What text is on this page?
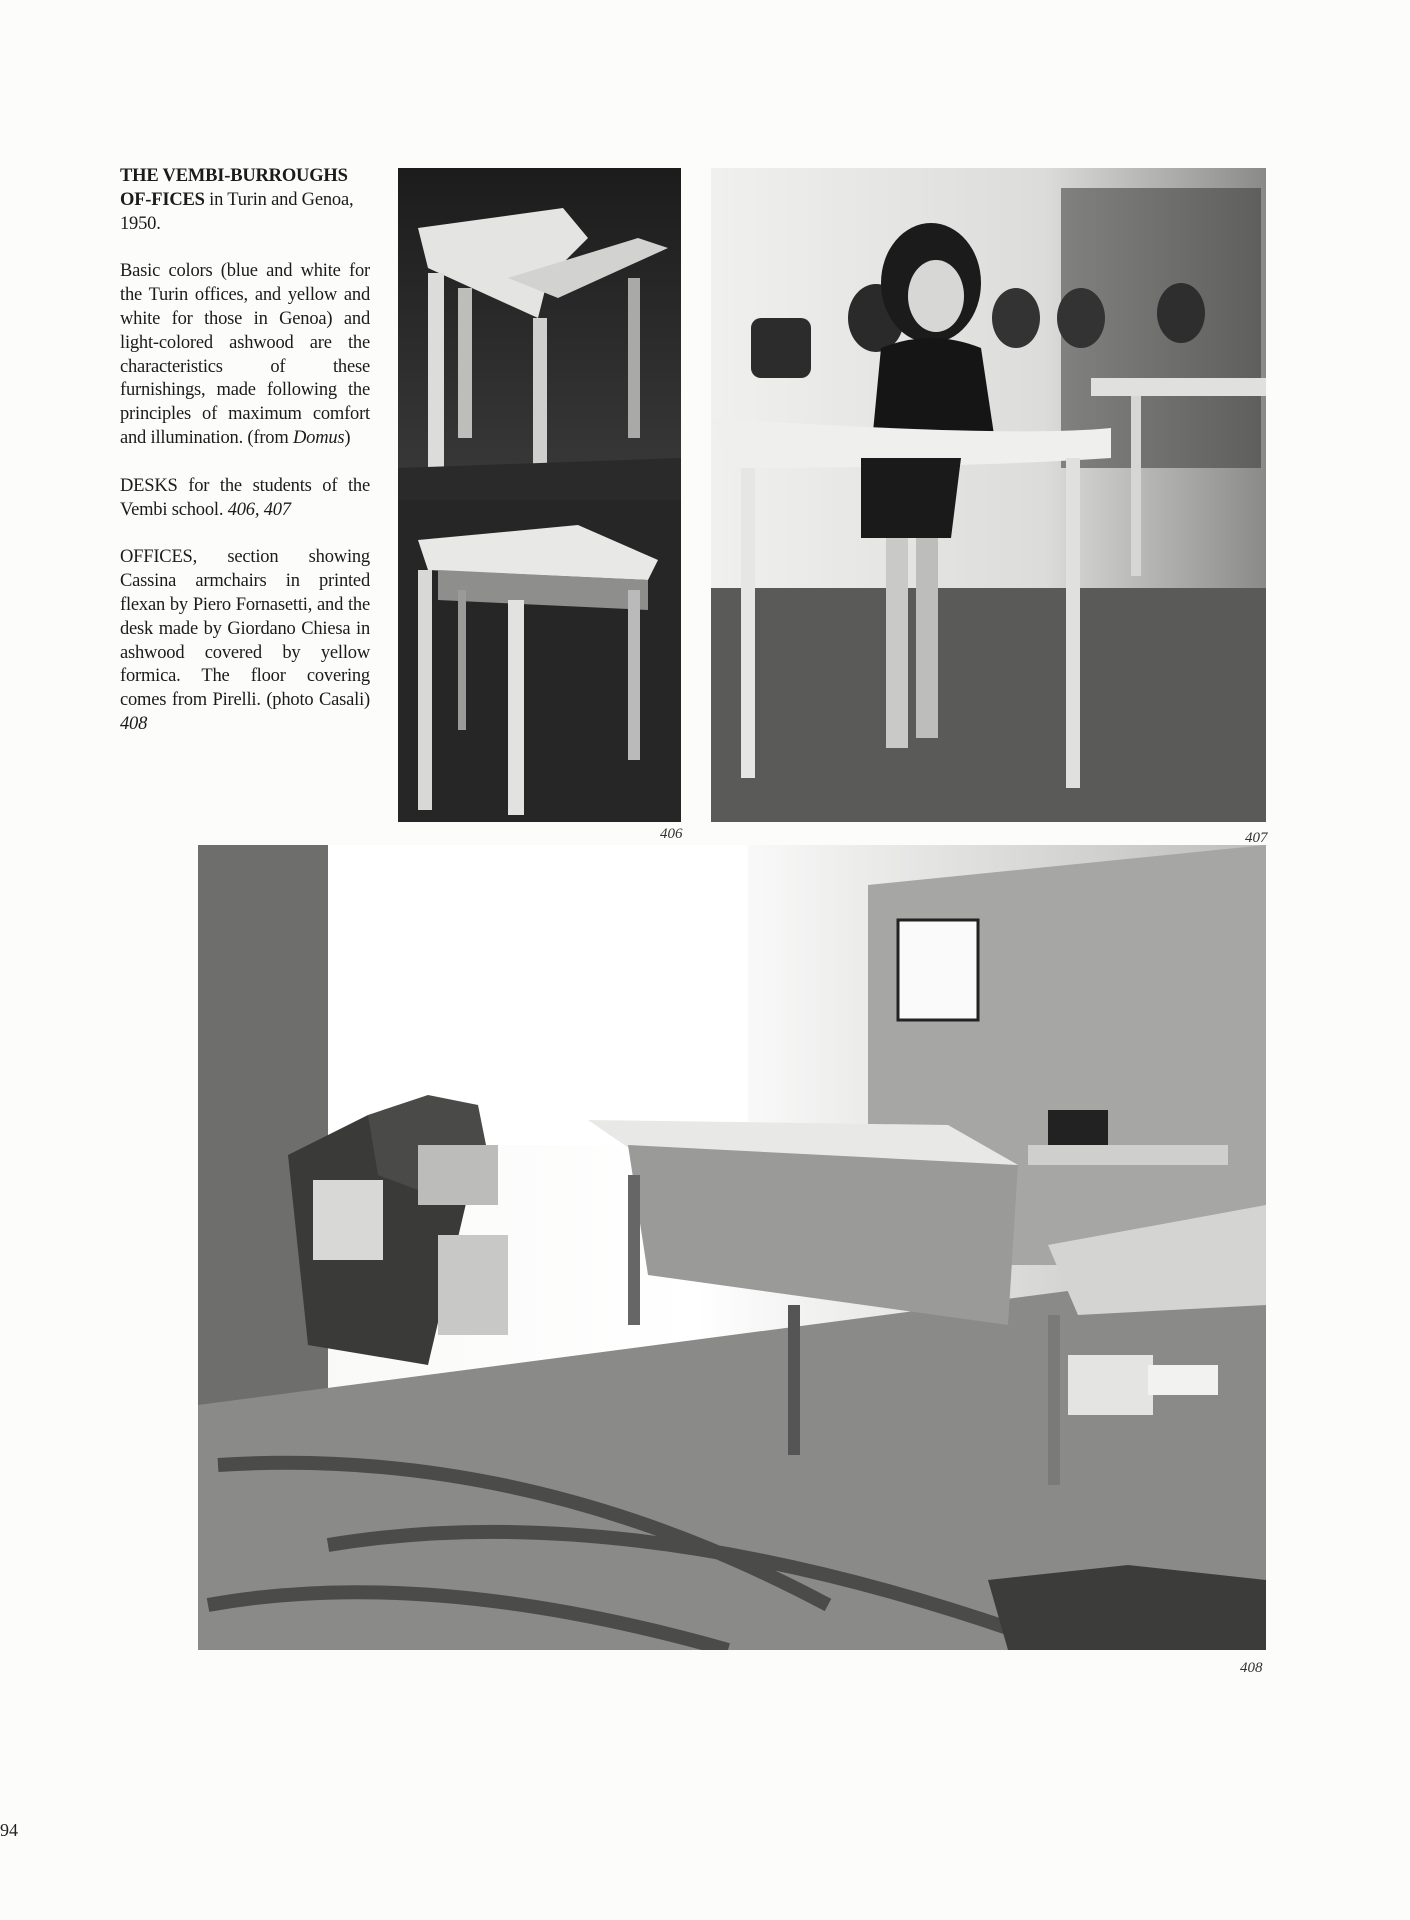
THE VEMBI-BURROUGHS OF-FICES in Turin and Genoa, 1950.

Basic colors (blue and white for the Turin offices, and yellow and white for those in Genoa) and light-colored ashwood are the characteristics of these furnishings, made following the principles of maximum comfort and illumination. (from Domus)

DESKS for the students of the Vembi school. 406, 407

OFFICES, section showing Cassina armchairs in printed flexan by Piero Fornasetti, and the desk made by Giordano Chiesa in ashwood covered by yellow formica. The floor covering comes from Pirelli. (photo Casali) 408

406	407
408
94
